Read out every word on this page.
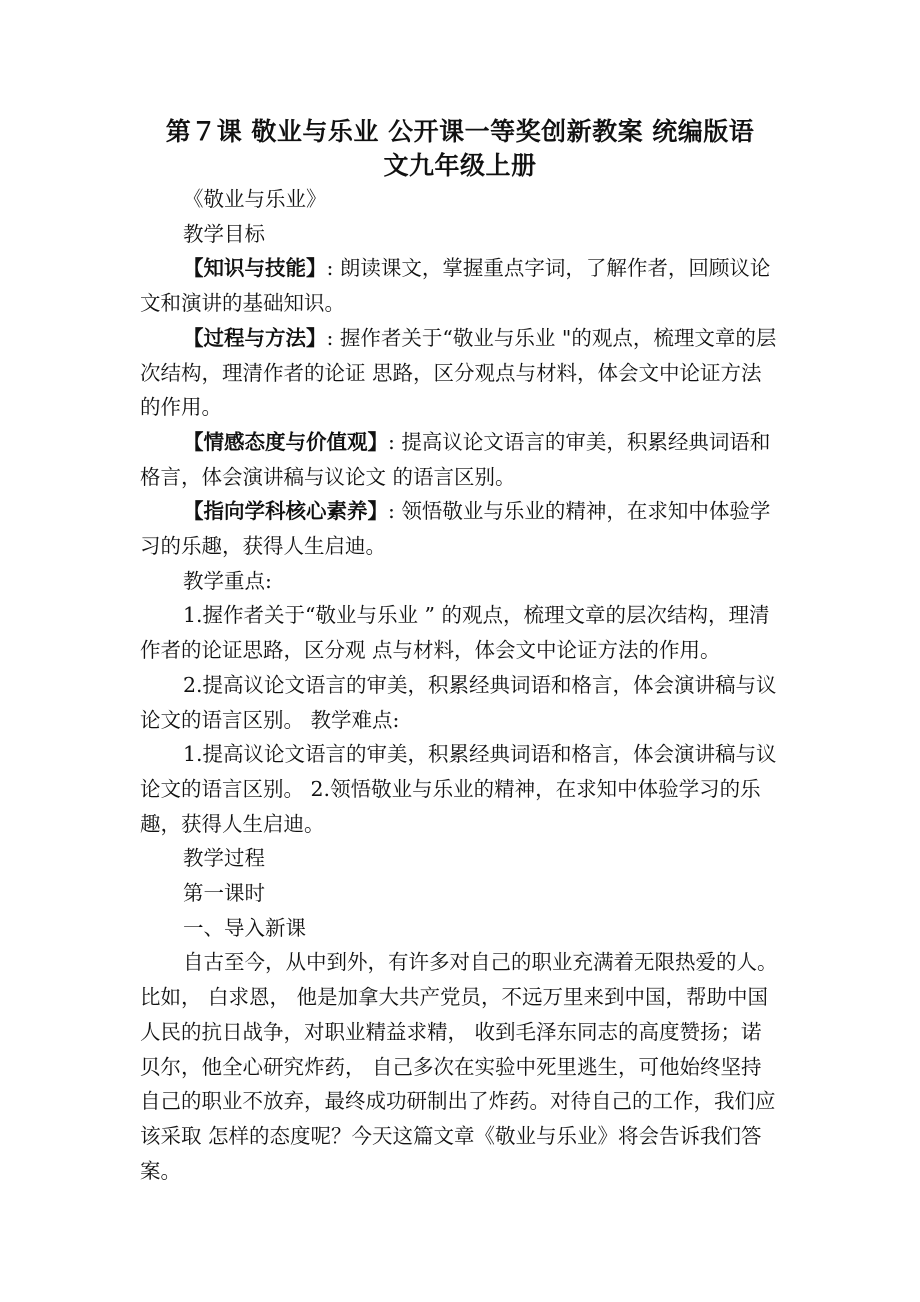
第７课 敬业与乐业 公开课一等奖创新教案 统编版语
文九年级上册

《敬业与乐业》

教学目标

【知识与技能】: 朗读课文，掌握重点字词，了解作者，回顾议论文和演讲的基础知识。

【过程与方法】: 握作者关于“敬业与乐业 "的观点，梳理文章的层次结构，理清作者的论证 思路，区分观点与材料，体会文中论证方法的作用。

【情感态度与价值观】: 提高议论文语言的审美，积累经典词语和格言，体会演讲稿与议论文 的语言区别。

【指向学科核心素养】: 领悟敬业与乐业的精神，在求知中体验学习的乐趣，获得人生启迪。

教学重点:

1.握作者关于“敬业与乐业 ” 的观点，梳理文章的层次结构，理清作者的论证思路，区分观 点与材料，体会文中论证方法的作用。

2.提高议论文语言的审美，积累经典词语和格言，体会演讲稿与议论文的语言区别。 教学难点:

1.提高议论文语言的审美，积累经典词语和格言，体会演讲稿与议论文的语言区别。 2.领悟敬业与乐业的精神，在求知中体验学习的乐趣，获得人生启迪。

教学过程

第一课时

一、导入新课

自古至今，从中到外，有许多对自己的职业充满着无限热爱的人。比如， 白求恩， 他是加拿大共产党员，不远万里来到中国，帮助中国人民的抗日战争，对职业精益求精， 收到毛泽东同志的高度赞扬；诺贝尔，他全心研究炸药， 自己多次在实验中死里逃生，可他始终坚持自己的职业不放弃，最终成功研制出了炸药。对待自己的工作，我们应该采取 怎样的态度呢？今天这篇文章《敬业与乐业》将会告诉我们答案。
